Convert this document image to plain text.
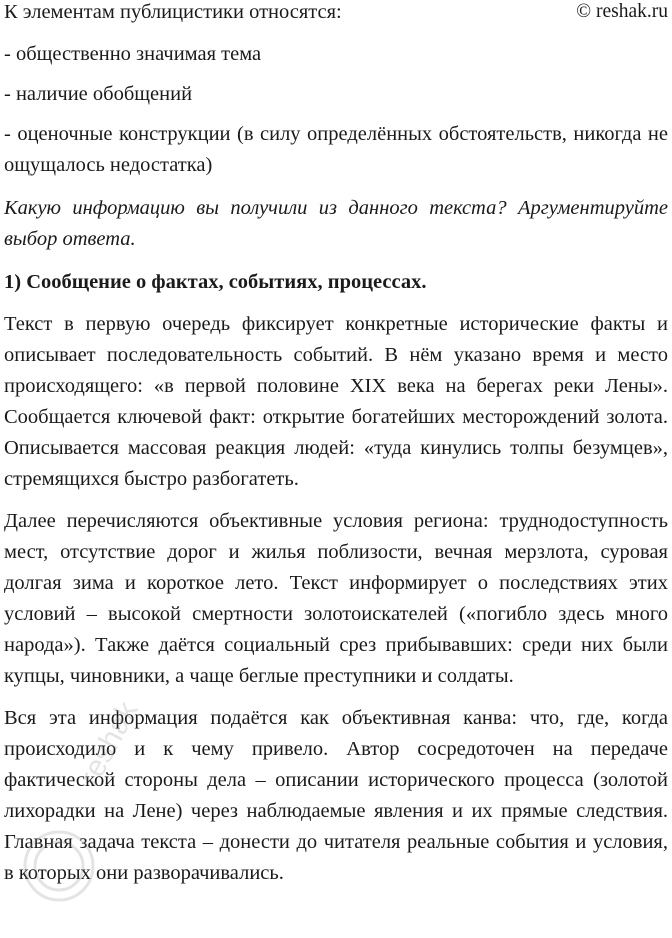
К элементам публицистики относятся:	© reshak.ru

- общественно значимая тема

- наличие обобщений

- оценочные конструкции (в силу определённых обстоятельств, никогда не ощущалось недостатка)

Какую информацию вы получили из данного текста? Аргументируйте выбор ответа.

1) Сообщение о фактах, событиях, процессах.

Текст в первую очередь фиксирует конкретные исторические факты и описывает последовательность событий. В нём указано время и место происходящего: «в первой половине XIX века на берегах реки Лены». Сообщается ключевой факт: открытие богатейших месторождений золота. Описывается массовая реакция людей: «туда кинулись толпы безумцев», стремящихся быстро разбогатеть.

Далее перечисляются объективные условия региона: труднодоступность мест, отсутствие дорог и жилья поблизости, вечная мерзлота, суровая долгая зима и короткое лето. Текст информирует о последствиях этих условий – высокой смертности золотоискателей («погибло здесь много народа»). Также даётся социальный срез прибывавших: среди них были купцы, чиновники, а чаще беглые преступники и солдаты.

Вся эта информация подаётся как объективная канва: что, где, когда происходило и к чему привело. Автор сосредоточен на передаче фактической стороны дела – описании исторического процесса (золотой лихорадки на Лене) через наблюдаемые явления и их прямые следствия. Главная задача текста – донести до читателя реальные события и условия, в которых они разворачивались.

reshak
